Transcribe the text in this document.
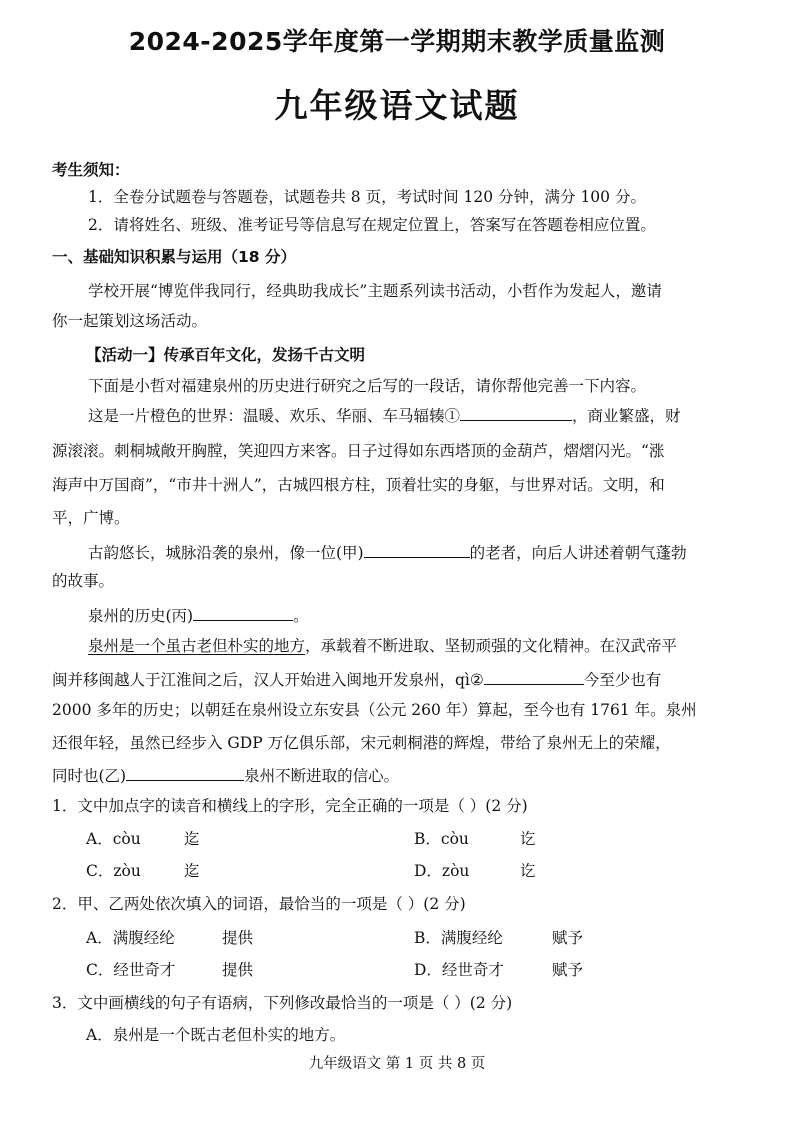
2024-2025学年度第一学期期末教学质量监测
九年级语文试题
考生须知：
1．全卷分试题卷与答题卷，试题卷共 8 页，考试时间 120 分钟，满分 100 分。
2．请将姓名、班级、准考证号等信息写在规定位置上，答案写在答题卷相应位置。
一、基础知识积累与运用（18 分）
学校开展“博览伴我同行，经典助我成长”主题系列读书活动，小哲作为发起人，邀请
你一起策划这场活动。
【活动一】传承百年文化，发扬千古文明
下面是小哲对福建泉州的历史进行研究之后写的一段话，请你帮他完善一下内容。
这是一片橙色的世界：温暖、欢乐、华丽、车马辐辏①	，商业繁盛，财
源滚滚。刺桐城敞开胸膛，笑迎四方来客。日子过得如东西塔顶的金葫芦，熠熠闪光。“涨
海声中万国商”，“市井十洲人”，古城四根方柱，顶着壮实的身躯，与世界对话。文明，和
平，广博。
古韵悠长，城脉沿袭的泉州，像一位(甲)	的老者，向后人讲述着朝气蓬勃
的故事。
泉州的历史(丙)	。
泉州是一个虽古老但朴实的地方，承载着不断进取、坚韧顽强的文化精神。在汉武帝平
闽并移闽越人于江淮间之后，汉人开始进入闽地开发泉州，qì②	今至少也有
2000 多年的历史；以朝廷在泉州设立东安县（公元 260 年）算起，至今也有 1761 年。泉州
还很年轻，虽然已经步入 GDP 万亿俱乐部，宋元刺桐港的辉煌，带给了泉州无上的荣耀，
同时也(乙)	泉州不断进取的信心。
1．文中加点字的读音和横线上的字形，完全正确的一项是（ ）(2 分)
A．còu	迄	B．còu	讫
C．zòu	迄	D．zòu	讫
2．甲、乙两处依次填入的词语，最恰当的一项是（ ）(2 分)
A．满腹经纶	提供	B．满腹经纶	赋予
C．经世奇才	提供	D．经世奇才	赋予
3．文中画横线的句子有语病，下列修改最恰当的一项是（ ）(2 分)
A．泉州是一个既古老但朴实的地方。
九年级语文 第 1 页 共 8 页
